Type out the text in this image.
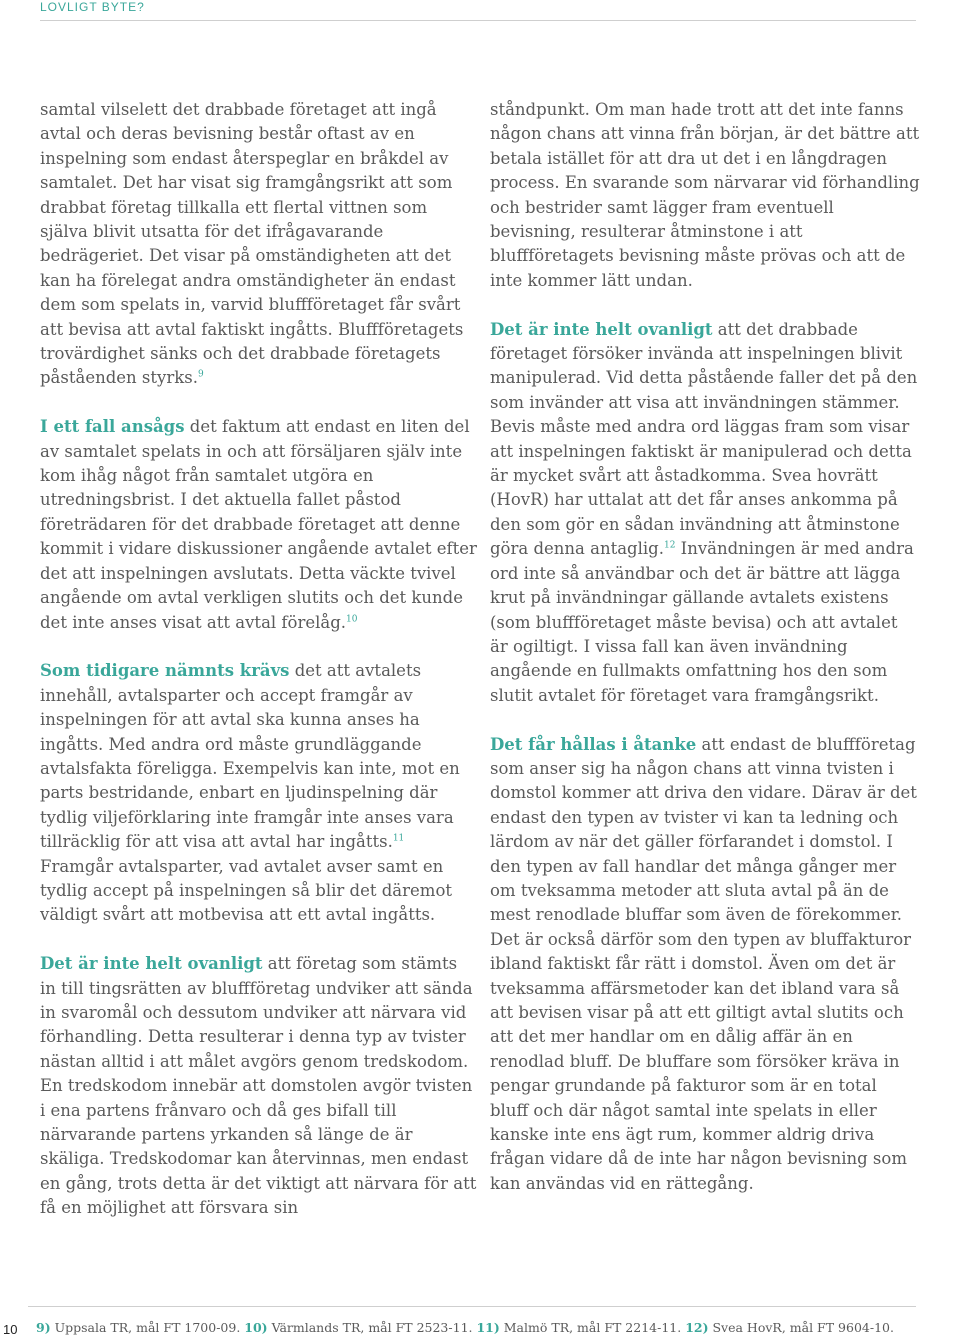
LOVLIGT BYTE?

samtal vilselett det drabbade företaget att ingå avtal och deras bevisning består oftast av en inspelning som endast återspeglar en bråkdel av samtalet. Det har visat sig framgångsrikt att som drabbat företag tillkalla ett flertal vittnen som själva blivit utsatta för det ifrågavarande bedrägeriet. Det visar på omständigheten att det kan ha förelegat andra omständigheter än endast dem som spelats in, varvid bluffföretaget får svårt att bevisa att avtal faktiskt ingåtts. Bluffföretagets trovärdighet sänks och det drabbade företagets påståenden styrks.$^9$

I ett fall ansågs det faktum att endast en liten del av samtalet spelats in och att försäljaren själv inte kom ihåg något från samtalet utgöra en utredningsbrist. I det aktuella fallet påstod företrädaren för det drabbade företaget att denne kommit i vidare diskussioner angående avtalet efter det att inspelningen avslutats. Detta väckte tvivel angående om avtal verkligen slutits och det kunde det inte anses visat att avtal förelåg.$^{10}$

Som tidigare nämnts krävs det att avtalets innehåll, avtalsparter och accept framgår av inspelningen för att avtal ska kunna anses ha ingåtts. Med andra ord måste grundläggande avtalsfakta föreligga. Exempelvis kan inte, mot en parts bestridande, enbart en ljudinspelning där tydlig viljeförklaring inte framgår inte anses vara tillräcklig för att visa att avtal har ingåtts.$^{11}$ Framgår avtalsparter, vad avtalet avser samt en tydlig accept på inspelningen så blir det däremot väldigt svårt att motbevisa att ett avtal ingåtts.

Det är inte helt ovanligt att företag som stämts in till tingsrätten av bluffföretag undviker att sända in svaromål och dessutom undviker att närvara vid förhandling. Detta resulterar i denna typ av tvister nästan alltid i att målet avgörs genom tredskodom. En tredskodom innebär att domstolen avgör tvisten i ena partens frånvaro och då ges bifall till närvarande partens yrkanden så länge de är skäliga. Tredskodomar kan återvinnas, men endast en gång, trots detta är det viktigt att närvara för att få en möjlighet att försvara sin

ståndpunkt. Om man hade trott att det inte fanns någon chans att vinna från början, är det bättre att betala istället för att dra ut det i en långdragen process. En svarande som närvarar vid förhandling och bestrider samt lägger fram eventuell bevisning, resulterar åtminstone i att bluffföretagets bevisning måste prövas och att de inte kommer lätt undan.

Det är inte helt ovanligt att det drabbade företaget försöker invända att inspelningen blivit manipulerad. Vid detta påstående faller det på den som invänder att visa att invändningen stämmer. Bevis måste med andra ord läggas fram som visar att inspelningen faktiskt är manipulerad och detta är mycket svårt att åstadkomma. Svea hovrätt (HovR) har uttalat att det får anses ankomma på den som gör en sådan invändning att åtminstone göra denna antaglig.$^{12}$ Invändningen är med andra ord inte så användbar och det är bättre att lägga krut på invändningar gällande avtalets existens (som bluffföretaget måste bevisa) och att avtalet är ogiltigt. I vissa fall kan även invändning angående en fullmakts omfattning hos den som slutit avtalet för företaget vara framgångsrikt.

Det får hållas i åtanke att endast de bluffföretag som anser sig ha någon chans att vinna tvisten i domstol kommer att driva den vidare. Därav är det endast den typen av tvister vi kan ta ledning och lärdom av när det gäller förfarandet i domstol. I den typen av fall handlar det många gånger mer om tveksamma metoder att sluta avtal på än de mest renodlade bluffar som även de förekommer. Det är också därför som den typen av bluffakturor ibland faktiskt får rätt i domstol. Även om det är tveksamma affärsmetoder kan det ibland vara så att bevisen visar på att ett giltigt avtal slutits och att det mer handlar om en dålig affär än en renodlad bluff. De bluffare som försöker kräva in pengar grundande på fakturor som är en total bluff och där något samtal inte spelats in eller kanske inte ens ägt rum, kommer aldrig driva frågan vidare då de inte har någon bevisning som kan användas vid en rättegång.

10 9) Uppsala TR, mål FT 1700-09. 10) Värmlands TR, mål FT 2523-11. 11) Malmö TR, mål FT 2214-11. 12) Svea HovR, mål FT 9604-10.
